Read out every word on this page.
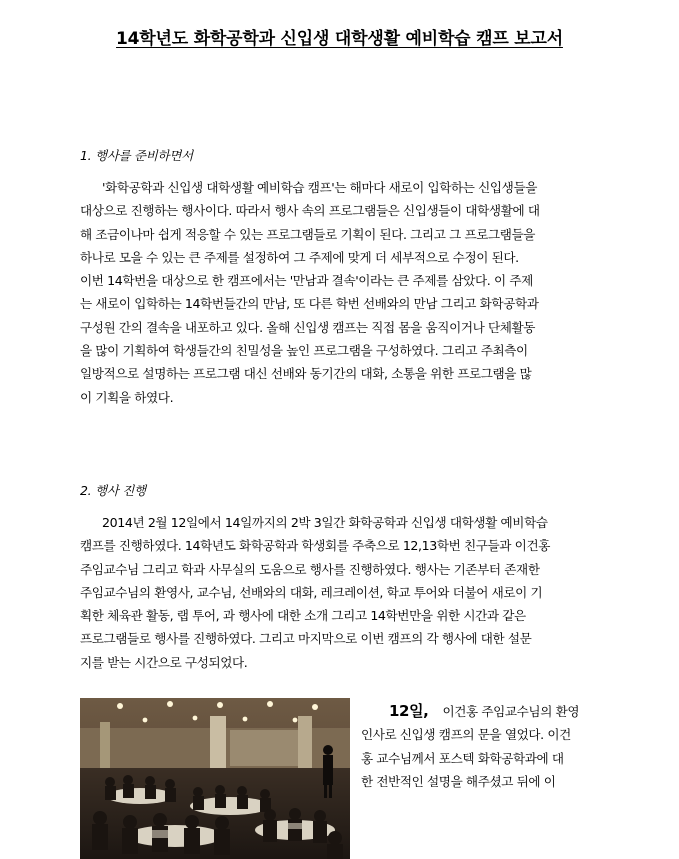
14학년도 화학공학과 신입생 대학생활 예비학습 캠프 보고서
1. 행사를 준비하면서
'화학공학과 신입생 대학생활 예비학습 캠프'는 해마다 새로이 입학하는 신입생들을
대상으로 진행하는 행사이다. 따라서 행사 속의 프로그램들은 신입생들이 대학생활에 대
해 조금이나마 쉽게 적응할 수 있는 프로그램들로 기획이 된다. 그리고 그 프로그램들을
하나로 모을 수 있는 큰 주제를 설정하여 그 주제에 맞게 더 세부적으로 수정이 된다.
이번 14학번을 대상으로 한 캠프에서는 '만남과 결속'이라는 큰 주제를 삼았다. 이 주제
는 새로이 입학하는 14학번들간의 만남, 또 다른 학번 선배와의 만남 그리고 화학공학과
구성원 간의 결속을 내포하고 있다. 올해 신입생 캠프는 직접 몸을 움직이거나 단체활동
을 많이 기획하여 학생들간의 친밀성을 높인 프로그램을 구성하였다. 그리고 주최측이
일방적으로 설명하는 프로그램 대신 선배와 동기간의 대화, 소통을 위한 프로그램을 많
이 기획을 하였다.
2. 행사 진행
2014년 2월 12일에서 14일까지의 2박 3일간 화학공학과 신입생 대학생활 예비학습
캠프를 진행하였다. 14학년도 화학공학과 학생회를 주축으로 12,13학번 친구들과 이건홍
주임교수님 그리고 학과 사무실의 도움으로 행사를 진행하였다. 행사는 기존부터 존재한
주임교수님의 환영사, 교수님, 선배와의 대화, 레크레이션, 학교 투어와 더불어 새로이 기
획한 체육관 활동, 랩 투어, 과 행사에 대한 소개 그리고 14학번만을 위한 시간과 같은
프로그램들로 행사를 진행하였다. 그리고 마지막으로 이번 캠프의 각 행사에 대한 설문
지를 받는 시간으로 구성되었다.
12일, 이건홍 주임교수님의 환영
인사로 신입생 캠프의 문을 열었다. 이건
홍 교수님께서 포스텍 화학공학과에 대
한 전반적인 설명을 해주셨고 뒤에 이
